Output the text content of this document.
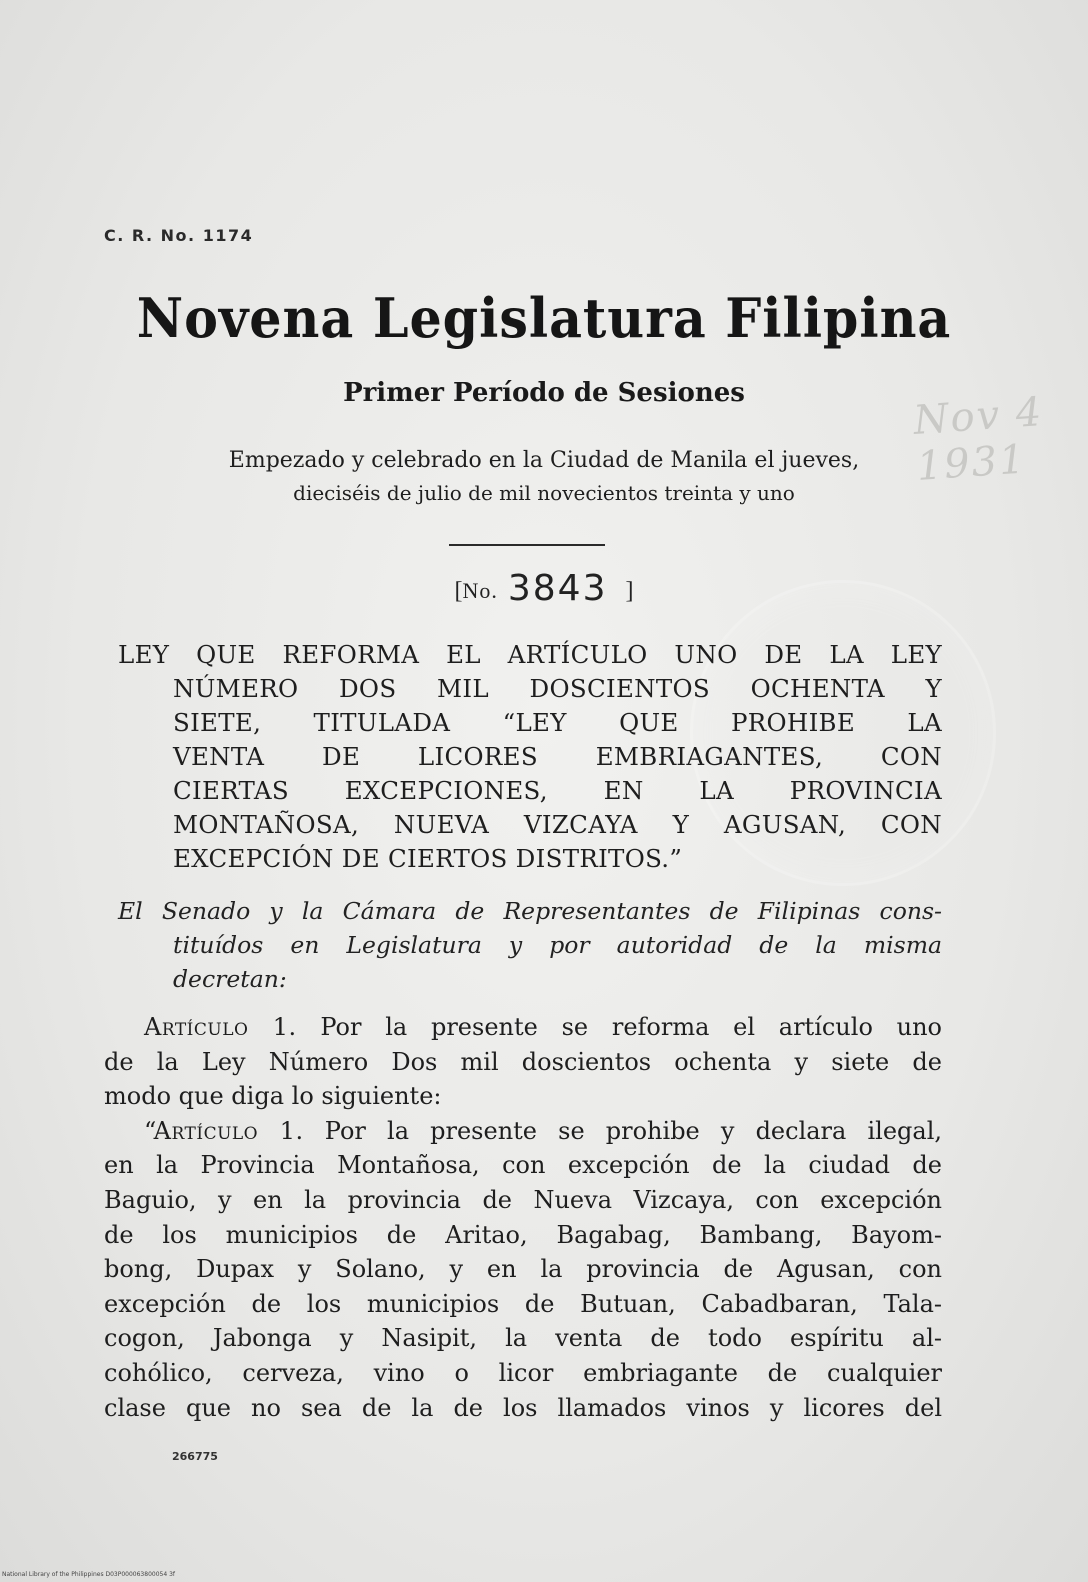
Nov 4 1931
C. R. No. 1174
Novena Legislatura Filipina
Primer Período de Sesiones
Empezado y celebrado en la Ciudad de Manila el jueves,
dieciséis de julio de mil novecientos treinta y uno
[No. 3843 ]
LEY QUE REFORMA EL ARTÍCULO UNO DE LA LEY
NÚMERO DOS MIL DOSCIENTOS OCHENTA Y
SIETE, TITULADA “LEY QUE PROHIBE LA
VENTA DE LICORES EMBRIAGANTES, CON
CIERTAS EXCEPCIONES, EN LA PROVINCIA
MONTAÑOSA, NUEVA VIZCAYA Y AGUSAN, CON
EXCEPCIÓN DE CIERTOS DISTRITOS.”
El Senado y la Cámara de Representantes de Filipinas cons-
tituídos en Legislatura y por autoridad de la misma
decretan:
Artículo 1. Por la presente se reforma el artículo uno
de la Ley Número Dos mil doscientos ochenta y siete de
modo que diga lo siguiente:
“Artículo 1. Por la presente se prohibe y declara ilegal,
en la Provincia Montañosa, con excepción de la ciudad de
Baguio, y en la provincia de Nueva Vizcaya, con excepción
de los municipios de Aritao, Bagabag, Bambang, Bayom-
bong, Dupax y Solano, y en la provincia de Agusan, con
excepción de los municipios de Butuan, Cabadbaran, Tala-
cogon, Jabonga y Nasipit, la venta de todo espíritu al-
cohólico, cerveza, vino o licor embriagante de cualquier
clase que no sea de la de los llamados vinos y licores del
266775
National Library of the Philippines D03P000063800054 3f
